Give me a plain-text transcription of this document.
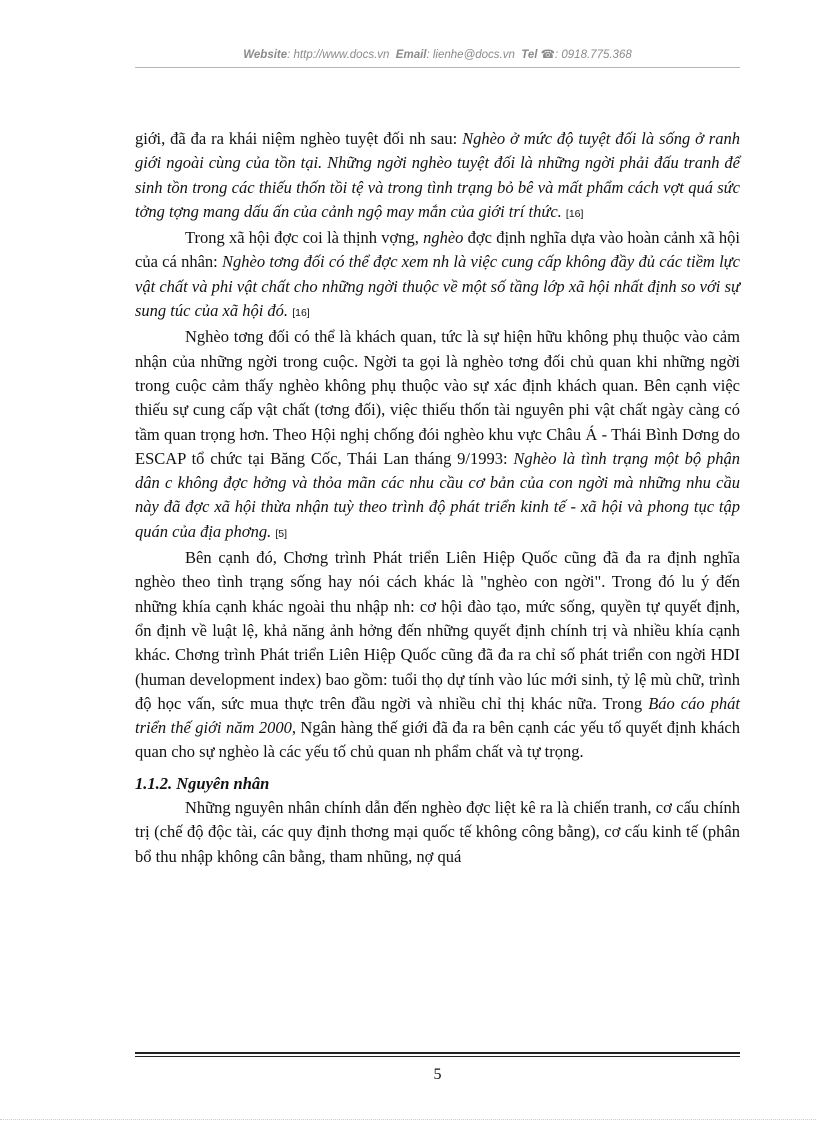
Website: http://www.docs.vn Email: lienhe@docs.vn Tel ☎: 0918.775.368

giới, đã đa ra khái niệm nghèo tuyệt đối nh sau: Nghèo ở mức độ tuyệt đối là sống ở ranh giới ngoài cùng của tồn tại. Những ngời nghèo tuyệt đối là những ngời phải đấu tranh để sinh tồn trong các thiếu thốn tồi tệ và trong tình trạng bỏ bê và mất phẩm cách vợt quá sức tởng tợng mang dấu ấn của cảnh ngộ may mắn của giới trí thức. [16]

Trong xã hội đợc coi là thịnh vợng, nghèo đợc định nghĩa dựa vào hoàn cảnh xã hội của cá nhân: Nghèo tơng đối có thể đợc xem nh là việc cung cấp không đầy đủ các tiềm lực vật chất và phi vật chất cho những ngời thuộc về một số tầng lớp xã hội nhất định so với sự sung túc của xã hội đó. [16]

Nghèo tơng đối có thể là khách quan, tức là sự hiện hữu không phụ thuộc vào cảm nhận của những ngời trong cuộc. Ngời ta gọi là nghèo tơng đối chủ quan khi những ngời trong cuộc cảm thấy nghèo không phụ thuộc vào sự xác định khách quan. Bên cạnh việc thiếu sự cung cấp vật chất (tơng đối), việc thiếu thốn tài nguyên phi vật chất ngày càng có tầm quan trọng hơn. Theo Hội nghị chống đói nghèo khu vực Châu Á - Thái Bình Dơng do ESCAP tổ chức tại Băng Cốc, Thái Lan tháng 9/1993: Nghèo là tình trạng một bộ phận dân c không đợc hởng và thỏa mãn các nhu cầu cơ bản của con ngời mà những nhu cầu này đã đợc xã hội thừa nhận tuỳ theo trình độ phát triển kinh tế - xã hội và phong tục tập quán của địa phơng. [5]

Bên cạnh đó, Chơng trình Phát triển Liên Hiệp Quốc cũng đã đa ra định nghĩa nghèo theo tình trạng sống hay nói cách khác là "nghèo con ngời". Trong đó lu ý đến những khía cạnh khác ngoài thu nhập nh: cơ hội đào tạo, mức sống, quyền tự quyết định, ổn định về luật lệ, khả năng ảnh hởng đến những quyết định chính trị và nhiều khía cạnh khác. Chơng trình Phát triển Liên Hiệp Quốc cũng đã đa ra chỉ số phát triển con ngời HDI (human development index) bao gồm: tuổi thọ dự tính vào lúc mới sinh, tỷ lệ mù chữ, trình độ học vấn, sức mua thực trên đầu ngời và nhiều chỉ thị khác nữa. Trong Báo cáo phát triển thế giới năm 2000, Ngân hàng thế giới đã đa ra bên cạnh các yếu tố quyết định khách quan cho sự nghèo là các yếu tố chủ quan nh phẩm chất và tự trọng.

1.1.2. Nguyên nhân

Những nguyên nhân chính dẫn đến nghèo đợc liệt kê ra là chiến tranh, cơ cấu chính trị (chế độ độc tài, các quy định thơng mại quốc tế không công bằng), cơ cấu kinh tế (phân bổ thu nhập không cân bằng, tham nhũng, nợ quá

5
